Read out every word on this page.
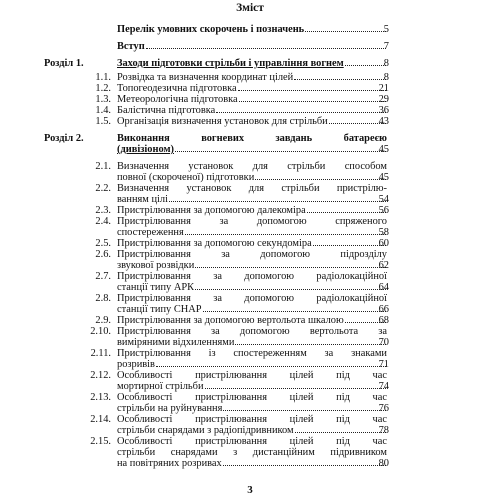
Зміст
Перелік умовних скорочень і позначень	5
Вступ	7
Розділ 1.	Заходи підготовки стрільби і управління вогнем	8
1.1. Розвідка та визначення координат цілей	8
1.2. Топогеодезична підготовка	21
1.3. Метеорологічна підготовка	29
1.4. Балістична підготовка	36
1.5. Організація визначення установок для стрільби	43
Розділ 2.	Виконання вогневих завдань батареєю
(дивізіоном)	45
2.1. Визначення установок для стрільби способом
повної (скороченої) підготовки	45
2.2. Визначення установок для стрільби пристрілю-
ванням цілі	54
2.3. Пристрілювання за допомогою далекоміра	56
2.4. Пристрілювання за допомогою спряженого
спостереження	58
2.5. Пристрілювання за допомогою секундоміра	60
2.6. Пристрілювання за допомогою підрозділу
звукової розвідки	62
2.7. Пристрілювання за допомогою радіолокаційної
станції типу АРК	64
2.8. Пристрілювання за допомогою радіолокаційної
станції типу СНАР	66
2.9. Пристрілювання за допомогою вертольота шкалою	68
2.10. Пристрілювання за допомогою вертольота за
виміряними відхиленнями	70
2.11. Пристрілювання із спостереженням за знаками
розривів	71
2.12. Особливості пристрілювання цілей під час
мортирної стрільби	74
2.13. Особливості пристрілювання цілей під час
стрільби на руйнування	76
2.14. Особливості пристрілювання цілей під час
стрільби снарядами з радіопідривником	78
2.15. Особливості пристрілювання цілей під час
стрільби снарядами з дистанційним підривником
на повітряних розривах	80
3
